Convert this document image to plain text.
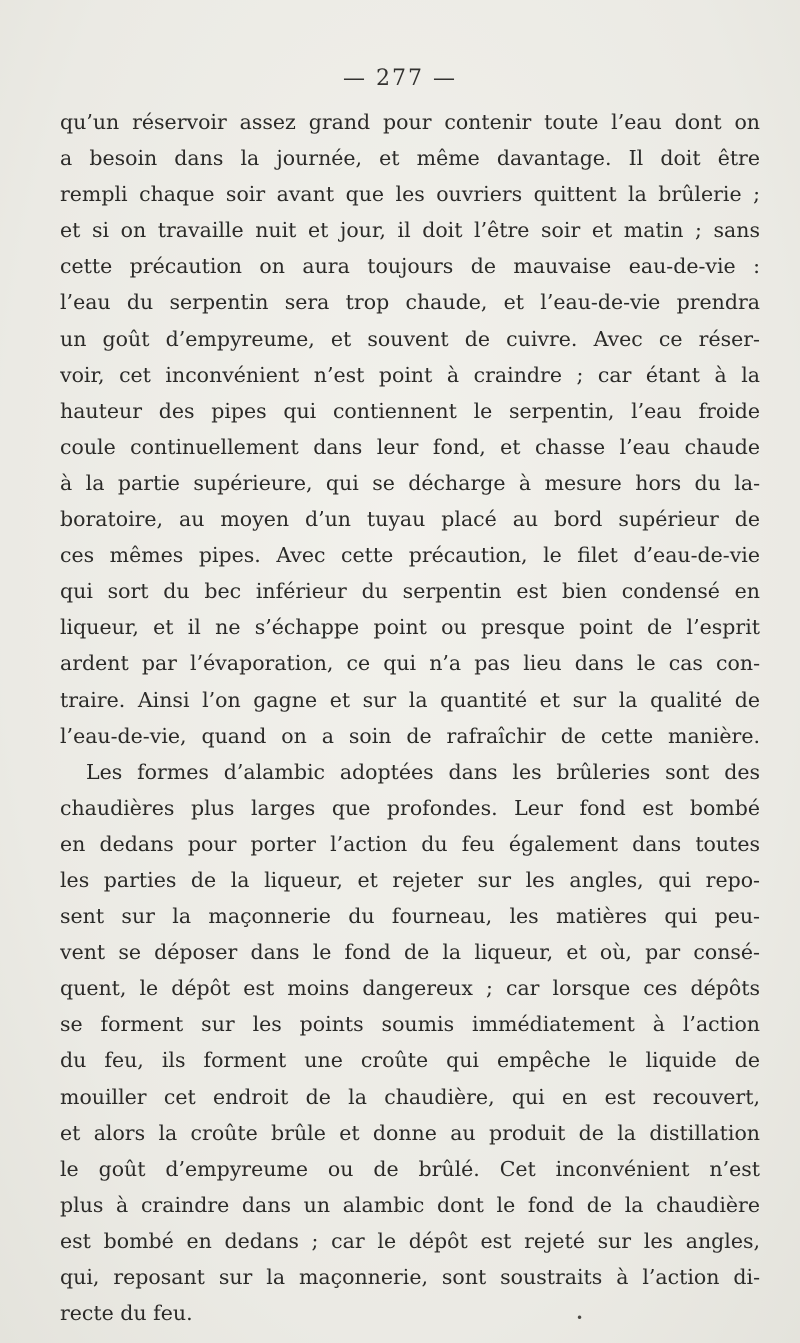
— 277 —
qu’un réservoir assez grand pour contenir toute l’eau dont on
a besoin dans la journée, et même davantage. Il doit être
rempli chaque soir avant que les ouvriers quittent la brûlerie ;
et si on travaille nuit et jour, il doit l’être soir et matin ; sans
cette précaution on aura toujours de mauvaise eau-de-vie :
l’eau du serpentin sera trop chaude, et l’eau-de-vie prendra
un goût d’empyreume, et souvent de cuivre. Avec ce réser-
voir, cet inconvénient n’est point à craindre ; car étant à la
hauteur des pipes qui contiennent le serpentin, l’eau froide
coule continuellement dans leur fond, et chasse l’eau chaude
à la partie supérieure, qui se décharge à mesure hors du la-
boratoire, au moyen d’un tuyau placé au bord supérieur de
ces mêmes pipes. Avec cette précaution, le filet d’eau-de-vie
qui sort du bec inférieur du serpentin est bien condensé en
liqueur, et il ne s’échappe point ou presque point de l’esprit
ardent par l’évaporation, ce qui n’a pas lieu dans le cas con-
traire. Ainsi l’on gagne et sur la quantité et sur la qualité de
l’eau-de-vie, quand on a soin de rafraîchir de cette manière.
Les formes d’alambic adoptées dans les brûleries sont des
chaudières plus larges que profondes. Leur fond est bombé
en dedans pour porter l’action du feu également dans toutes
les parties de la liqueur, et rejeter sur les angles, qui repo-
sent sur la maçonnerie du fourneau, les matières qui peu-
vent se déposer dans le fond de la liqueur, et où, par consé-
quent, le dépôt est moins dangereux ; car lorsque ces dépôts
se forment sur les points soumis immédiatement à l’action
du feu, ils forment une croûte qui empêche le liquide de
mouiller cet endroit de la chaudière, qui en est recouvert,
et alors la croûte brûle et donne au produit de la distillation
le goût d’empyreume ou de brûlé. Cet inconvénient n’est
plus à craindre dans un alambic dont le fond de la chaudière
est bombé en dedans ; car le dépôt est rejeté sur les angles,
qui, reposant sur la maçonnerie, sont soustraits à l’action di-
recte du feu.	•
